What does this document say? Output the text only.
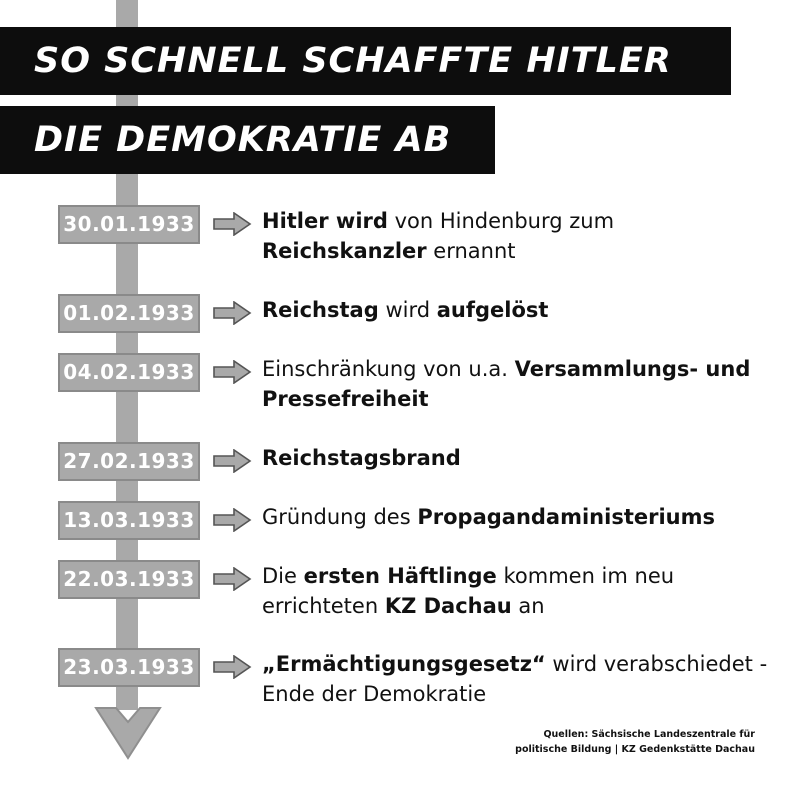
SO SCHNELL SCHAFFTE HITLER
DIE DEMOKRATIE AB
30.01.1933	Hitler wird von Hindenburg zum Reichskanzler ernannt
01.02.1933	Reichstag wird aufgelöst
04.02.1933	Einschränkung von u.a. Versammlungs- und Pressefreiheit
27.02.1933	Reichstagsbrand
13.03.1933	Gründung des Propagandaministeriums
22.03.1933	Die ersten Häftlinge kommen im neu errichteten KZ Dachau an
23.03.1933	„Ermächtigungsgesetz“ wird verabschiedet - Ende der Demokratie
Quellen: Sächsische Landeszentrale für
politische Bildung | KZ Gedenkstätte Dachau
